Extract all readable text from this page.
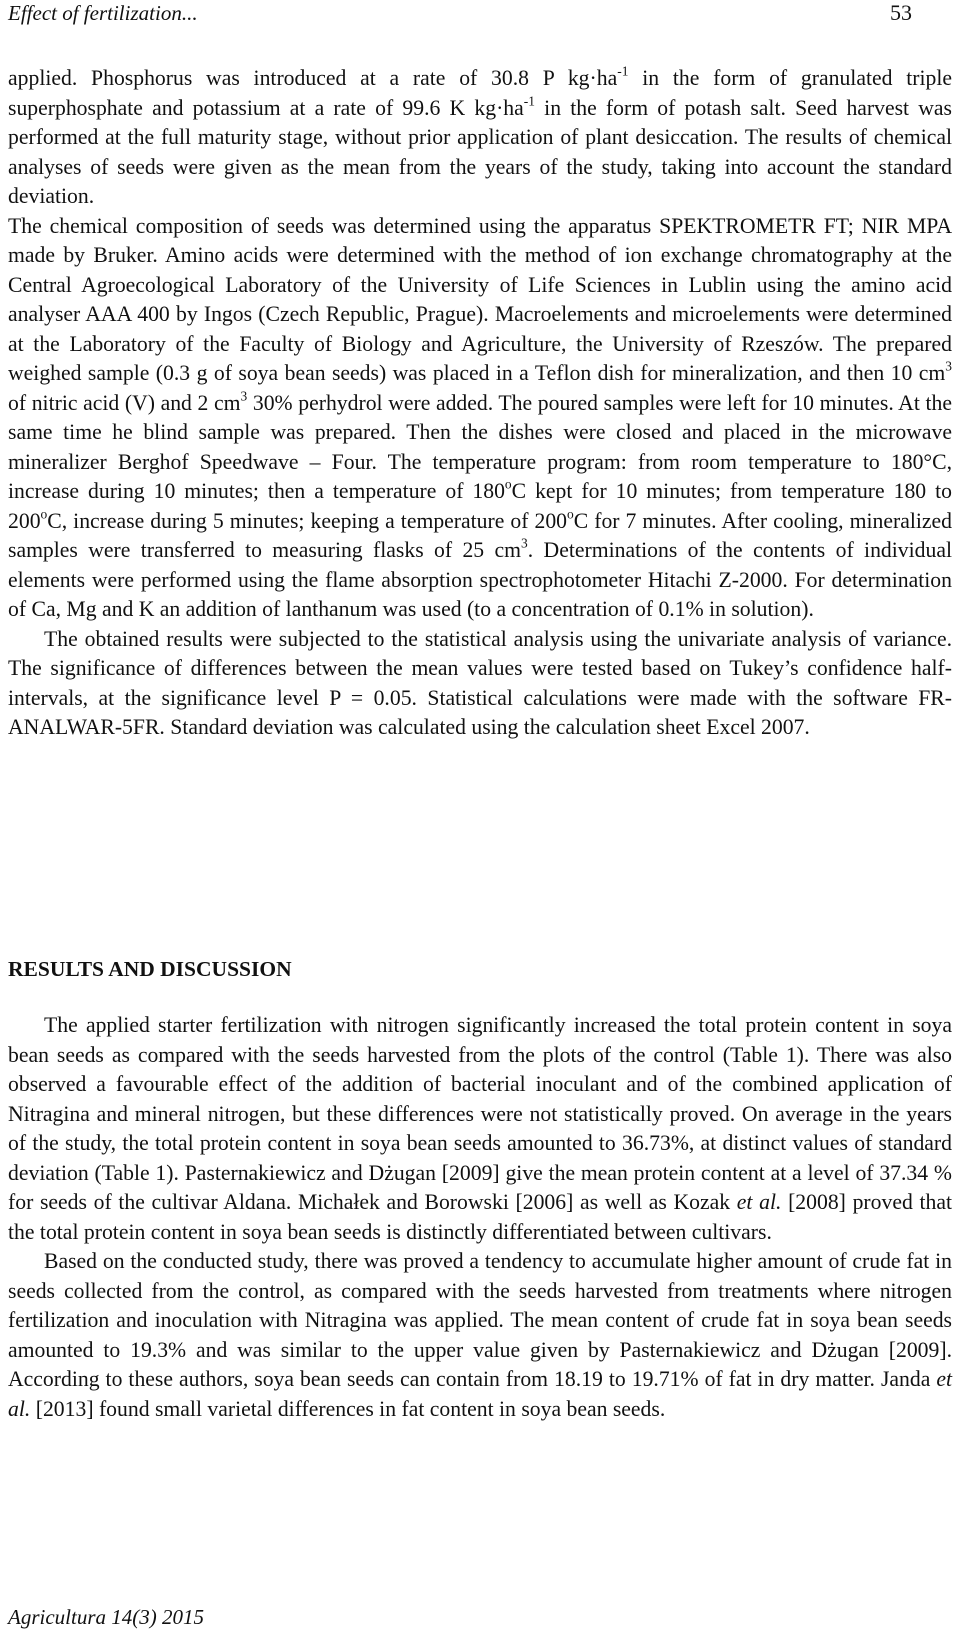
Effect of fertilization...	53

applied. Phosphorus was introduced at a rate of 30.8 P $kg\cdot ha^{-1}$ in the form of granulated triple superphosphate and potassium at a rate of 99.6 K $kg\cdot ha^{-1}$ in the form of potash salt. Seed harvest was performed at the full maturity stage, without prior application of plant desiccation. The results of chemical analyses of seeds were given as the mean from the years of the study, taking into account the standard deviation.

The chemical composition of seeds was determined using the apparatus SPEKTROMETR FT; NIR MPA made by Bruker. Amino acids were determined with the method of ion exchange chromatography at the Central Agroecological Laboratory of the University of Life Sciences in Lublin using the amino acid analyser AAA 400 by Ingos (Czech Republic, Prague). Macroelements and microelements were determined at the Laboratory of the Faculty of Biology and Agriculture, the University of Rzeszów. The prepared weighed sample (0.3 g of soya bean seeds) was placed in a Teflon dish for mineralization, and then 10 $cm^3$ of nitric acid (V) and 2 $cm^3$ 30% perhydrol were added. The poured samples were left for 10 minutes. At the same time he blind sample was prepared. Then the dishes were closed and placed in the microwave mineralizer Berghof Speedwave – Four. The temperature program: from room temperature to 180°C, increase during 10 minutes; then a temperature of 180$^o$C kept for 10 minutes; from temperature 180 to 200$^o$C, increase during 5 minutes; keeping a temperature of 200$^o$C for 7 minutes. After cooling, mineralized samples were transferred to measuring flasks of 25 $cm^3$. Determinations of the contents of individual elements were performed using the flame absorption spectrophotometer Hitachi Z-2000. For determination of Ca, Mg and K an addition of lanthanum was used (to a concentration of 0.1% in solution).

The obtained results were subjected to the statistical analysis using the univariate analysis of variance. The significance of differences between the mean values were tested based on Tukey’s confidence half-intervals, at the significance level P = 0.05. Statistical calculations were made with the software FR-ANALWAR-5FR. Standard deviation was calculated using the calculation sheet Excel 2007.

RESULTS AND DISCUSSION

The applied starter fertilization with nitrogen significantly increased the total protein content in soya bean seeds as compared with the seeds harvested from the plots of the control (Table 1). There was also observed a favourable effect of the addition of bacterial inoculant and of the combined application of Nitragina and mineral nitrogen, but these differences were not statistically proved. On average in the years of the study, the total protein content in soya bean seeds amounted to 36.73%, at distinct values of standard deviation (Table 1). Pasternakiewicz and Dżugan [2009] give the mean protein content at a level of 37.34 % for seeds of the cultivar Aldana. Michałek and Borowski [2006] as well as Kozak et al. [2008] proved that the total protein content in soya bean seeds is distinctly differentiated between cultivars.

Based on the conducted study, there was proved a tendency to accumulate higher amount of crude fat in seeds collected from the control, as compared with the seeds harvested from treatments where nitrogen fertilization and inoculation with Nitragina was applied. The mean content of crude fat in soya bean seeds amounted to 19.3% and was similar to the upper value given by Pasternakiewicz and Dżugan [2009]. According to these authors, soya bean seeds can contain from 18.19 to 19.71% of fat in dry matter. Janda et al. [2013] found small varietal differences in fat content in soya bean seeds.

Agricultura 14(3) 2015
